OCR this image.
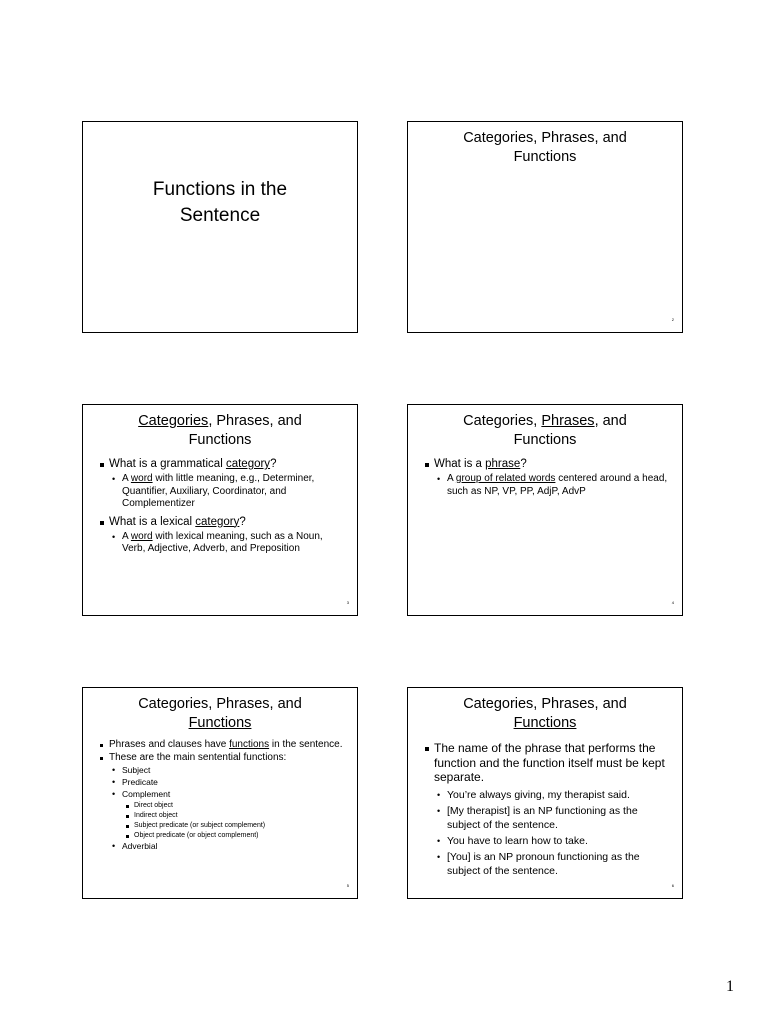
Functions in the
Sentence
Categories, Phrases, and
Functions
2
Categories, Phrases, and
Functions
What is a grammatical category?
• A word with little meaning, e.g., Determiner, Quantifier, Auxiliary, Coordinator, and Complementizer
What is a lexical category?
• A word with lexical meaning, such as a Noun, Verb, Adjective, Adverb, and Preposition
3
Categories, Phrases, and
Functions
What is a phrase?
• A group of related words centered around a head, such as NP, VP, PP, AdjP, AdvP
4
Categories, Phrases, and
Functions
Phrases and clauses have functions in the sentence.
These are the main sentential functions:
• Subject
• Predicate
• Complement
Direct object
Indirect object
Subject predicate (or subject complement)
Object predicate (or object complement)
• Adverbial
5
Categories, Phrases, and
Functions
The name of the phrase that performs the function and the function itself must be kept separate.
• You’re always giving, my therapist said.
• [My therapist] is an NP functioning as the subject of the sentence.
• You have to learn how to take.
• [You] is an NP pronoun functioning as the subject of the sentence.
6
1
